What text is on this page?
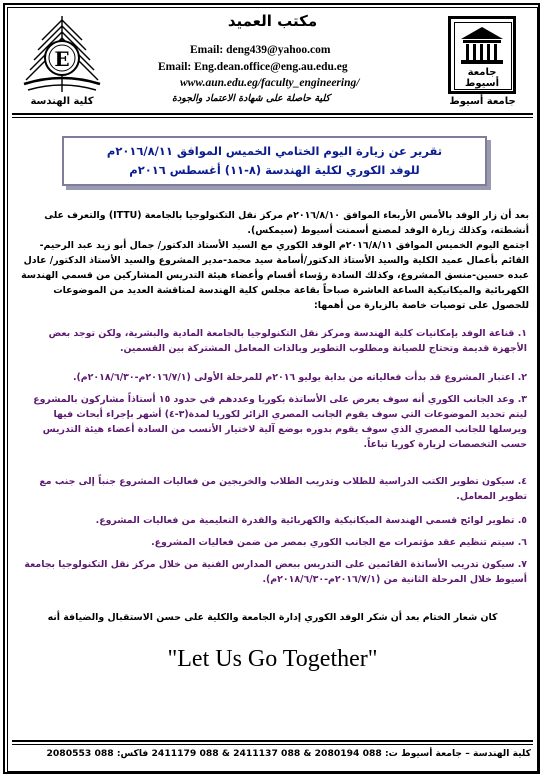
E
جامعة أسيوط
مكتب العميد
Email: deng439@yahoo.com
Email: Eng.dean.office@eng.au.edu.eg
www.aun.edu.eg/faculty_engineering/
كلية حاصلة على شهادة الاعتماد والجودة	جامعة أسيوط
كلية الهندسة
تقرير عن زيارة اليوم الختامي الخميس الموافق ٢٠١٦/٨/١١م
للوفد الكوري لكلية الهندسة (٨-١١) أغسطس ٢٠١٦م
بعد أن زار الوفد بالأمس الأربعاء الموافق ٢٠١٦/٨/١٠م مركز نقل التكنولوجيا بالجامعة (ITTU) والتعرف على أنشطته، وكذلك زيارة الوفد لمصنع أسمنت أسيوط (سيمكس).
اجتمع اليوم الخميس الموافق ٢٠١٦/٨/١١م الوفد الكوري مع السيد الأستاذ الدكتور/ جمال أبو زيد عبد الرحيم- القائم بأعمال عميد الكلية والسيد الأستاذ الدكتور/أسامة سيد محمد-مدير المشروع والسيد الأستاذ الدكتور/ عادل عبده حسين-منسق المشروع، وكذلك السادة رؤساء أقسام وأعضاء هيئة التدريس المشاركين من قسمي الهندسة الكهربائية والميكانيكية الساعة العاشرة صباحاً بقاعة مجلس كلية الهندسة لمناقشة العديد من الموضوعات للحصول على توصيات خاصة بالزيارة من أهمها:
١. قناعة الوفد بإمكانيات كلية الهندسة ومركز نقل التكنولوجيا بالجامعة المادية والبشرية، ولكن توجد بعض الأجهزة قديمة وتحتاج للصيانة ومطلوب التطوير وبالذات المعامل المشتركة بين القسمين.
٢. اعتبار المشروع قد بدأت فعالياته من بداية يوليو ٢٠١٦م للمرحلة الأولى (٢٠١٦/٧/١م-٢٠١٨/٦/٣٠م).
٣. وعد الجانب الكوري أنه سوف يعرض على الأساتذة بكوريا وعددهم في حدود ١٥ أستاذاً مشاركون بالمشروع ليتم تحديد الموضوعات التي سوف يقوم الجانب المصري الزائر لكوريا لمدة(٣-٤) أشهر بإجراء أبحاث فيها ويرسلها للجانب المصري الذي سوف يقوم بدوره بوضع آلية لاختيار الأنسب من السادة أعضاء هيئة التدريس حسب التخصصات لزيارة كوريا تباعاً.
٤. سيكون تطوير الكتب الدراسية للطلاب وتدريب الطلاب والخريجين من فعاليات المشروع جنباً إلى جنب مع تطوير المعامل.
٥. تطوير لوائح قسمي الهندسة الميكانيكية والكهربائية والقدرة التعليمية من فعاليات المشروع.
٦. سيتم تنظيم عقد مؤتمرات مع الجانب الكوري بمصر من ضمن فعاليات المشروع.
٧. سيكون تدريب الأساتذة القائمين على التدريس ببعض المدارس الفنية من خلال مركز نقل التكنولوجيا بجامعة أسيوط خلال المرحلة الثانية من (٢٠١٦/٧/١م-٢٠١٨/٦/٣٠م).
كان شعار الختام بعد أن شكر الوفد الكوري إدارة الجامعة والكلية على حسن الاستقبال والضيافة أنه
"Let Us Go Together"
كلية الهندسة – جامعة أسيوط ت: 088 2080194 & 088 2411137 & 088 2411179 فاكس: 088 2080553
